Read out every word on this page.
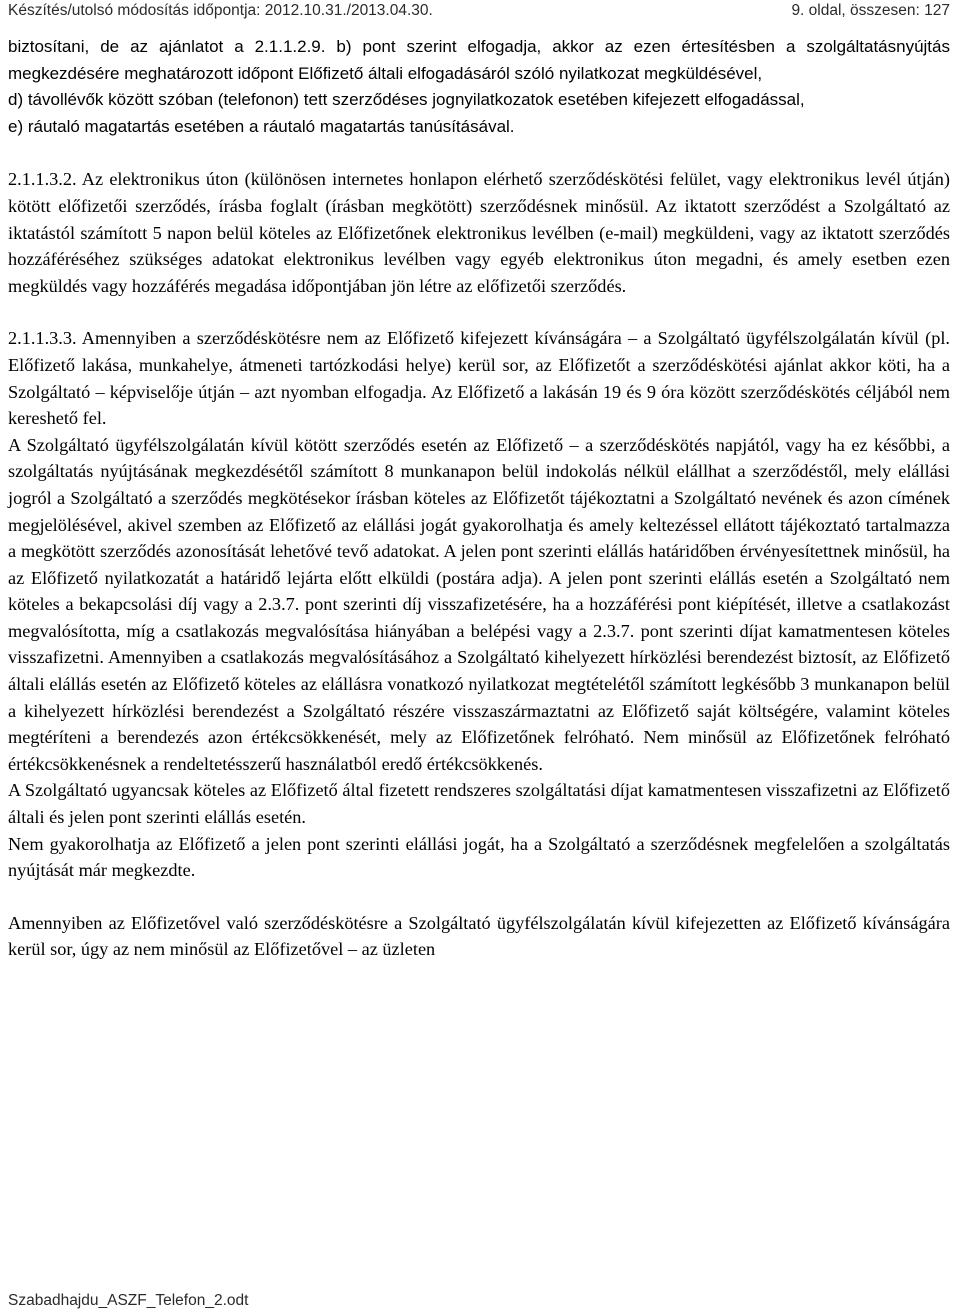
Készítés/utolsó módosítás időpontja: 2012.10.31./2013.04.30.	9. oldal, összesen: 127

biztosítani, de az ajánlatot a 2.1.1.2.9. b) pont szerint elfogadja, akkor az ezen értesítésben a szolgáltatásnyújtás megkezdésére meghatározott időpont Előfizető általi elfogadásáról szóló nyilatkozat megküldésével,

d) távollévők között szóban (telefonon) tett szerződéses jognyilatkozatok esetében kifejezett elfogadással,

e) ráutaló magatartás esetében a ráutaló magatartás tanúsításával.

2.1.1.3.2. Az elektronikus úton (különösen internetes honlapon elérhető szerződéskötési felület, vagy elektronikus levél útján) kötött előfizetői szerződés, írásba foglalt (írásban megkötött) szerződésnek minősül. Az iktatott szerződést a Szolgáltató az iktatástól számított 5 napon belül köteles az Előfizetőnek elektronikus levélben (e-mail) megküldeni, vagy az iktatott szerződés hozzáféréséhez szükséges adatokat elektronikus levélben vagy egyéb elektronikus úton megadni, és amely esetben ezen megküldés vagy hozzáférés megadása időpontjában jön létre az előfizetői szerződés.

2.1.1.3.3. Amennyiben a szerződéskötésre nem az Előfizető kifejezett kívánságára – a Szolgáltató ügyfélszolgálatán kívül (pl. Előfizető lakása, munkahelye, átmeneti tartózkodási helye) kerül sor, az Előfizetőt a szerződéskötési ajánlat akkor köti, ha a Szolgáltató – képviselője útján – azt nyomban elfogadja. Az Előfizető a lakásán 19 és 9 óra között szerződéskötés céljából nem kereshető fel.

A Szolgáltató ügyfélszolgálatán kívül kötött szerződés esetén az Előfizető – a szerződéskötés napjától, vagy ha ez későbbi, a szolgáltatás nyújtásának megkezdésétől számított 8 munkanapon belül indokolás nélkül elállhat a szerződéstől, mely elállási jogról a Szolgáltató a szerződés megkötésekor írásban köteles az Előfizetőt tájékoztatni a Szolgáltató nevének és azon címének megjelölésével, akivel szemben az Előfizető az elállási jogát gyakorolhatja és amely keltezéssel ellátott tájékoztató tartalmazza a megkötött szerződés azonosítását lehetővé tevő adatokat. A jelen pont szerinti elállás határidőben érvényesítettnek minősül, ha az Előfizető nyilatkozatát a határidő lejárta előtt elküldi (postára adja). A jelen pont szerinti elállás esetén a Szolgáltató nem köteles a bekapcsolási díj vagy a 2.3.7. pont szerinti díj visszafizetésére, ha a hozzáférési pont kiépítését, illetve a csatlakozást megvalósította, míg a csatlakozás megvalósítása hiányában a belépési vagy a 2.3.7. pont szerinti díjat kamatmentesen köteles visszafizetni. Amennyiben a csatlakozás megvalósításához a Szolgáltató kihelyezett hírközlési berendezést biztosít, az Előfizető általi elállás esetén az Előfizető köteles az elállásra vonatkozó nyilatkozat megtételétől számított legkésőbb 3 munkanapon belül a kihelyezett hírközlési berendezést a Szolgáltató részére visszaszármaztatni az Előfizető saját költségére, valamint köteles megtéríteni a berendezés azon értékcsökkenését, mely az Előfizetőnek felróható. Nem minősül az Előfizetőnek felróható értékcsökkenésnek a rendeltetésszerű használatból eredő értékcsökkenés.

A Szolgáltató ugyancsak köteles az Előfizető által fizetett rendszeres szolgáltatási díjat kamatmentesen visszafizetni az Előfizető általi és jelen pont szerinti elállás esetén.

Nem gyakorolhatja az Előfizető a jelen pont szerinti elállási jogát, ha a Szolgáltató a szerződésnek megfelelően a szolgáltatás nyújtását már megkezdte.

Amennyiben az Előfizetővel való szerződéskötésre a Szolgáltató ügyfélszolgálatán kívül kifejezetten az Előfizető kívánságára kerül sor, úgy az nem minősül az Előfizetővel – az üzleten

Szabadhajdu_ASZF_Telefon_2.odt
